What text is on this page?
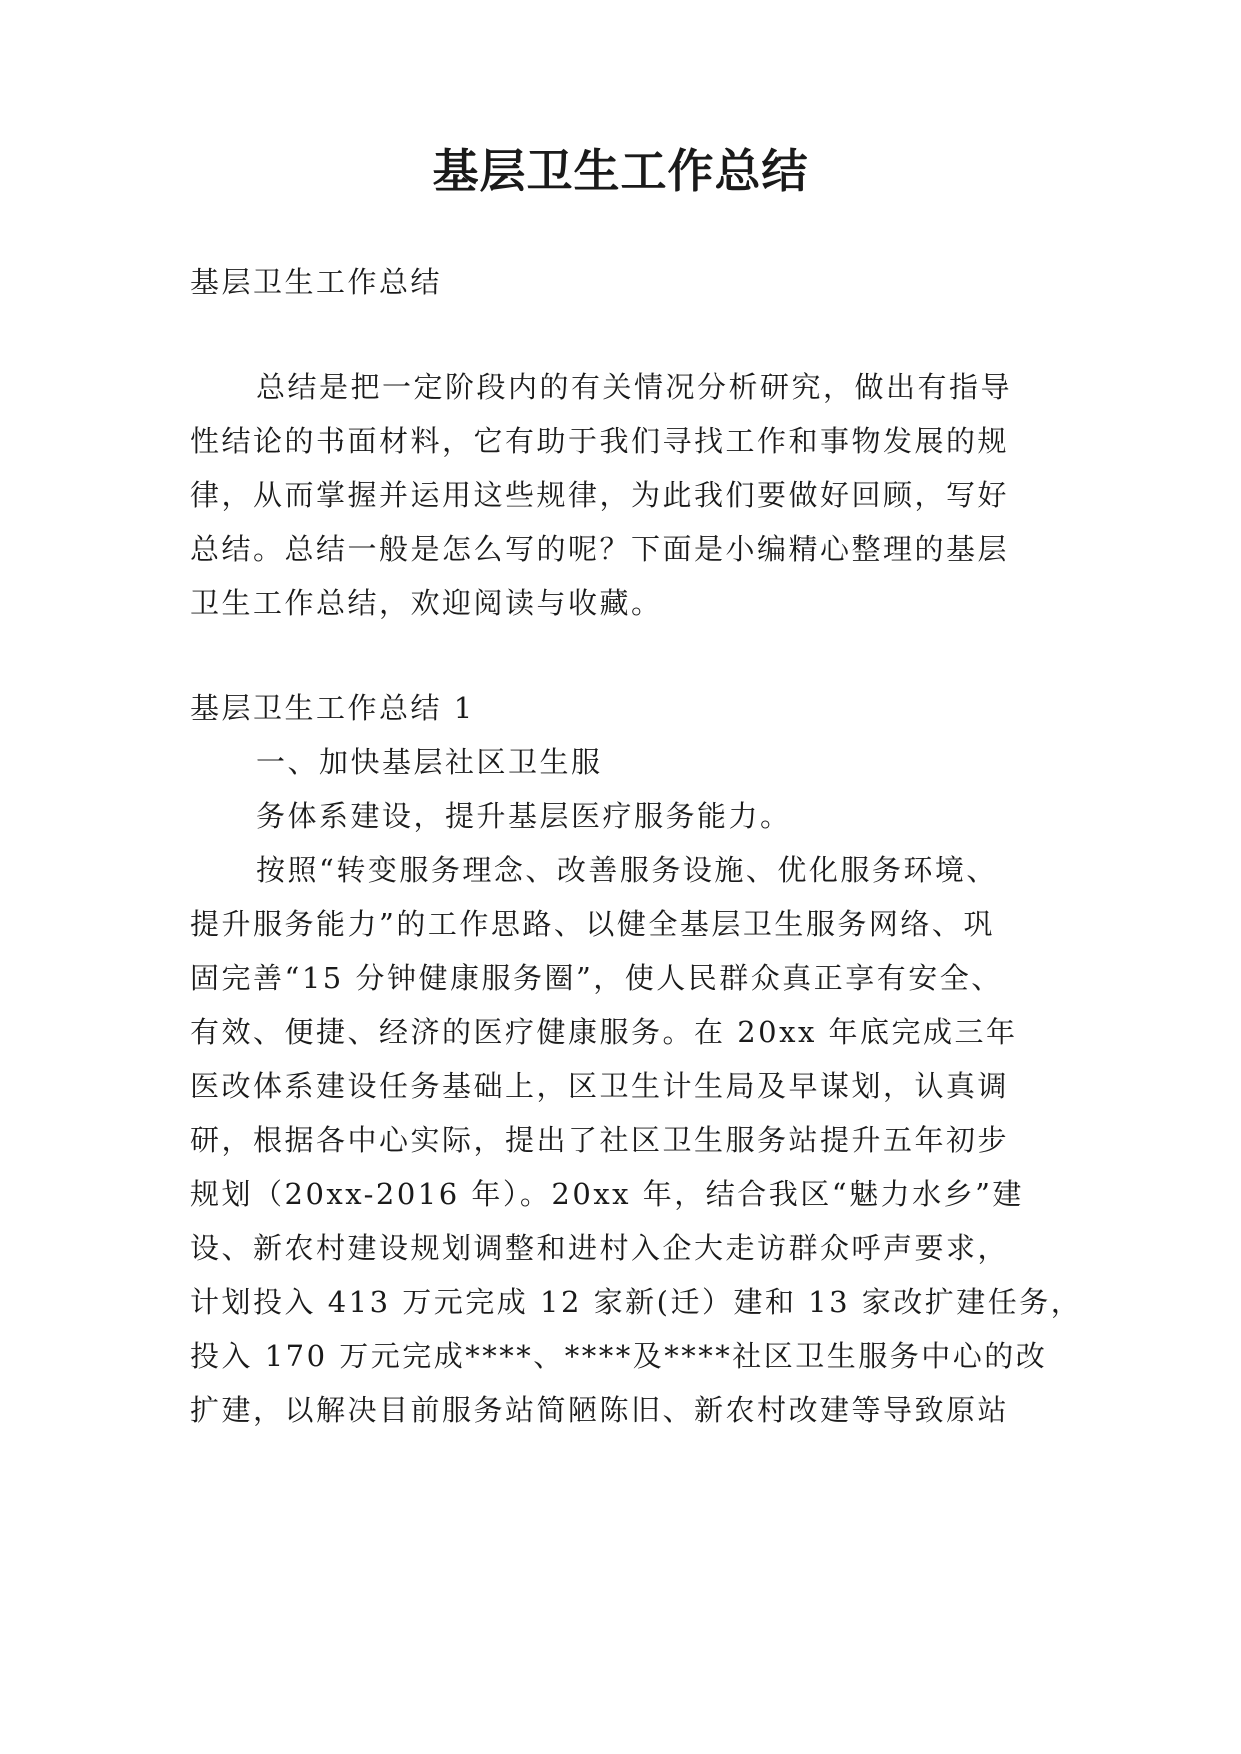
基层卫生工作总结
基层卫生工作总结
总结是把一定阶段内的有关情况分析研究，做出有指导
性结论的书面材料，它有助于我们寻找工作和事物发展的规
律，从而掌握并运用这些规律，为此我们要做好回顾，写好
总结。总结一般是怎么写的呢？下面是小编精心整理的基层
卫生工作总结，欢迎阅读与收藏。
基层卫生工作总结 1
一、加快基层社区卫生服
务体系建设，提升基层医疗服务能力。
按照“转变服务理念、改善服务设施、优化服务环境、
提升服务能力”的工作思路、以健全基层卫生服务网络、巩
固完善“15 分钟健康服务圈”，使人民群众真正享有安全、
有效、便捷、经济的医疗健康服务。在 20xx 年底完成三年
医改体系建设任务基础上，区卫生计生局及早谋划，认真调
研，根据各中心实际，提出了社区卫生服务站提升五年初步
规划（20xx-2016 年）。20xx 年，结合我区“魅力水乡”建
设、新农村建设规划调整和进村入企大走访群众呼声要求，
计划投入 413 万元完成 12 家新(迁）建和 13 家改扩建任务，
投入 170 万元完成****、****及****社区卫生服务中心的改
扩建，以解决目前服务站简陋陈旧、新农村改建等导致原站
